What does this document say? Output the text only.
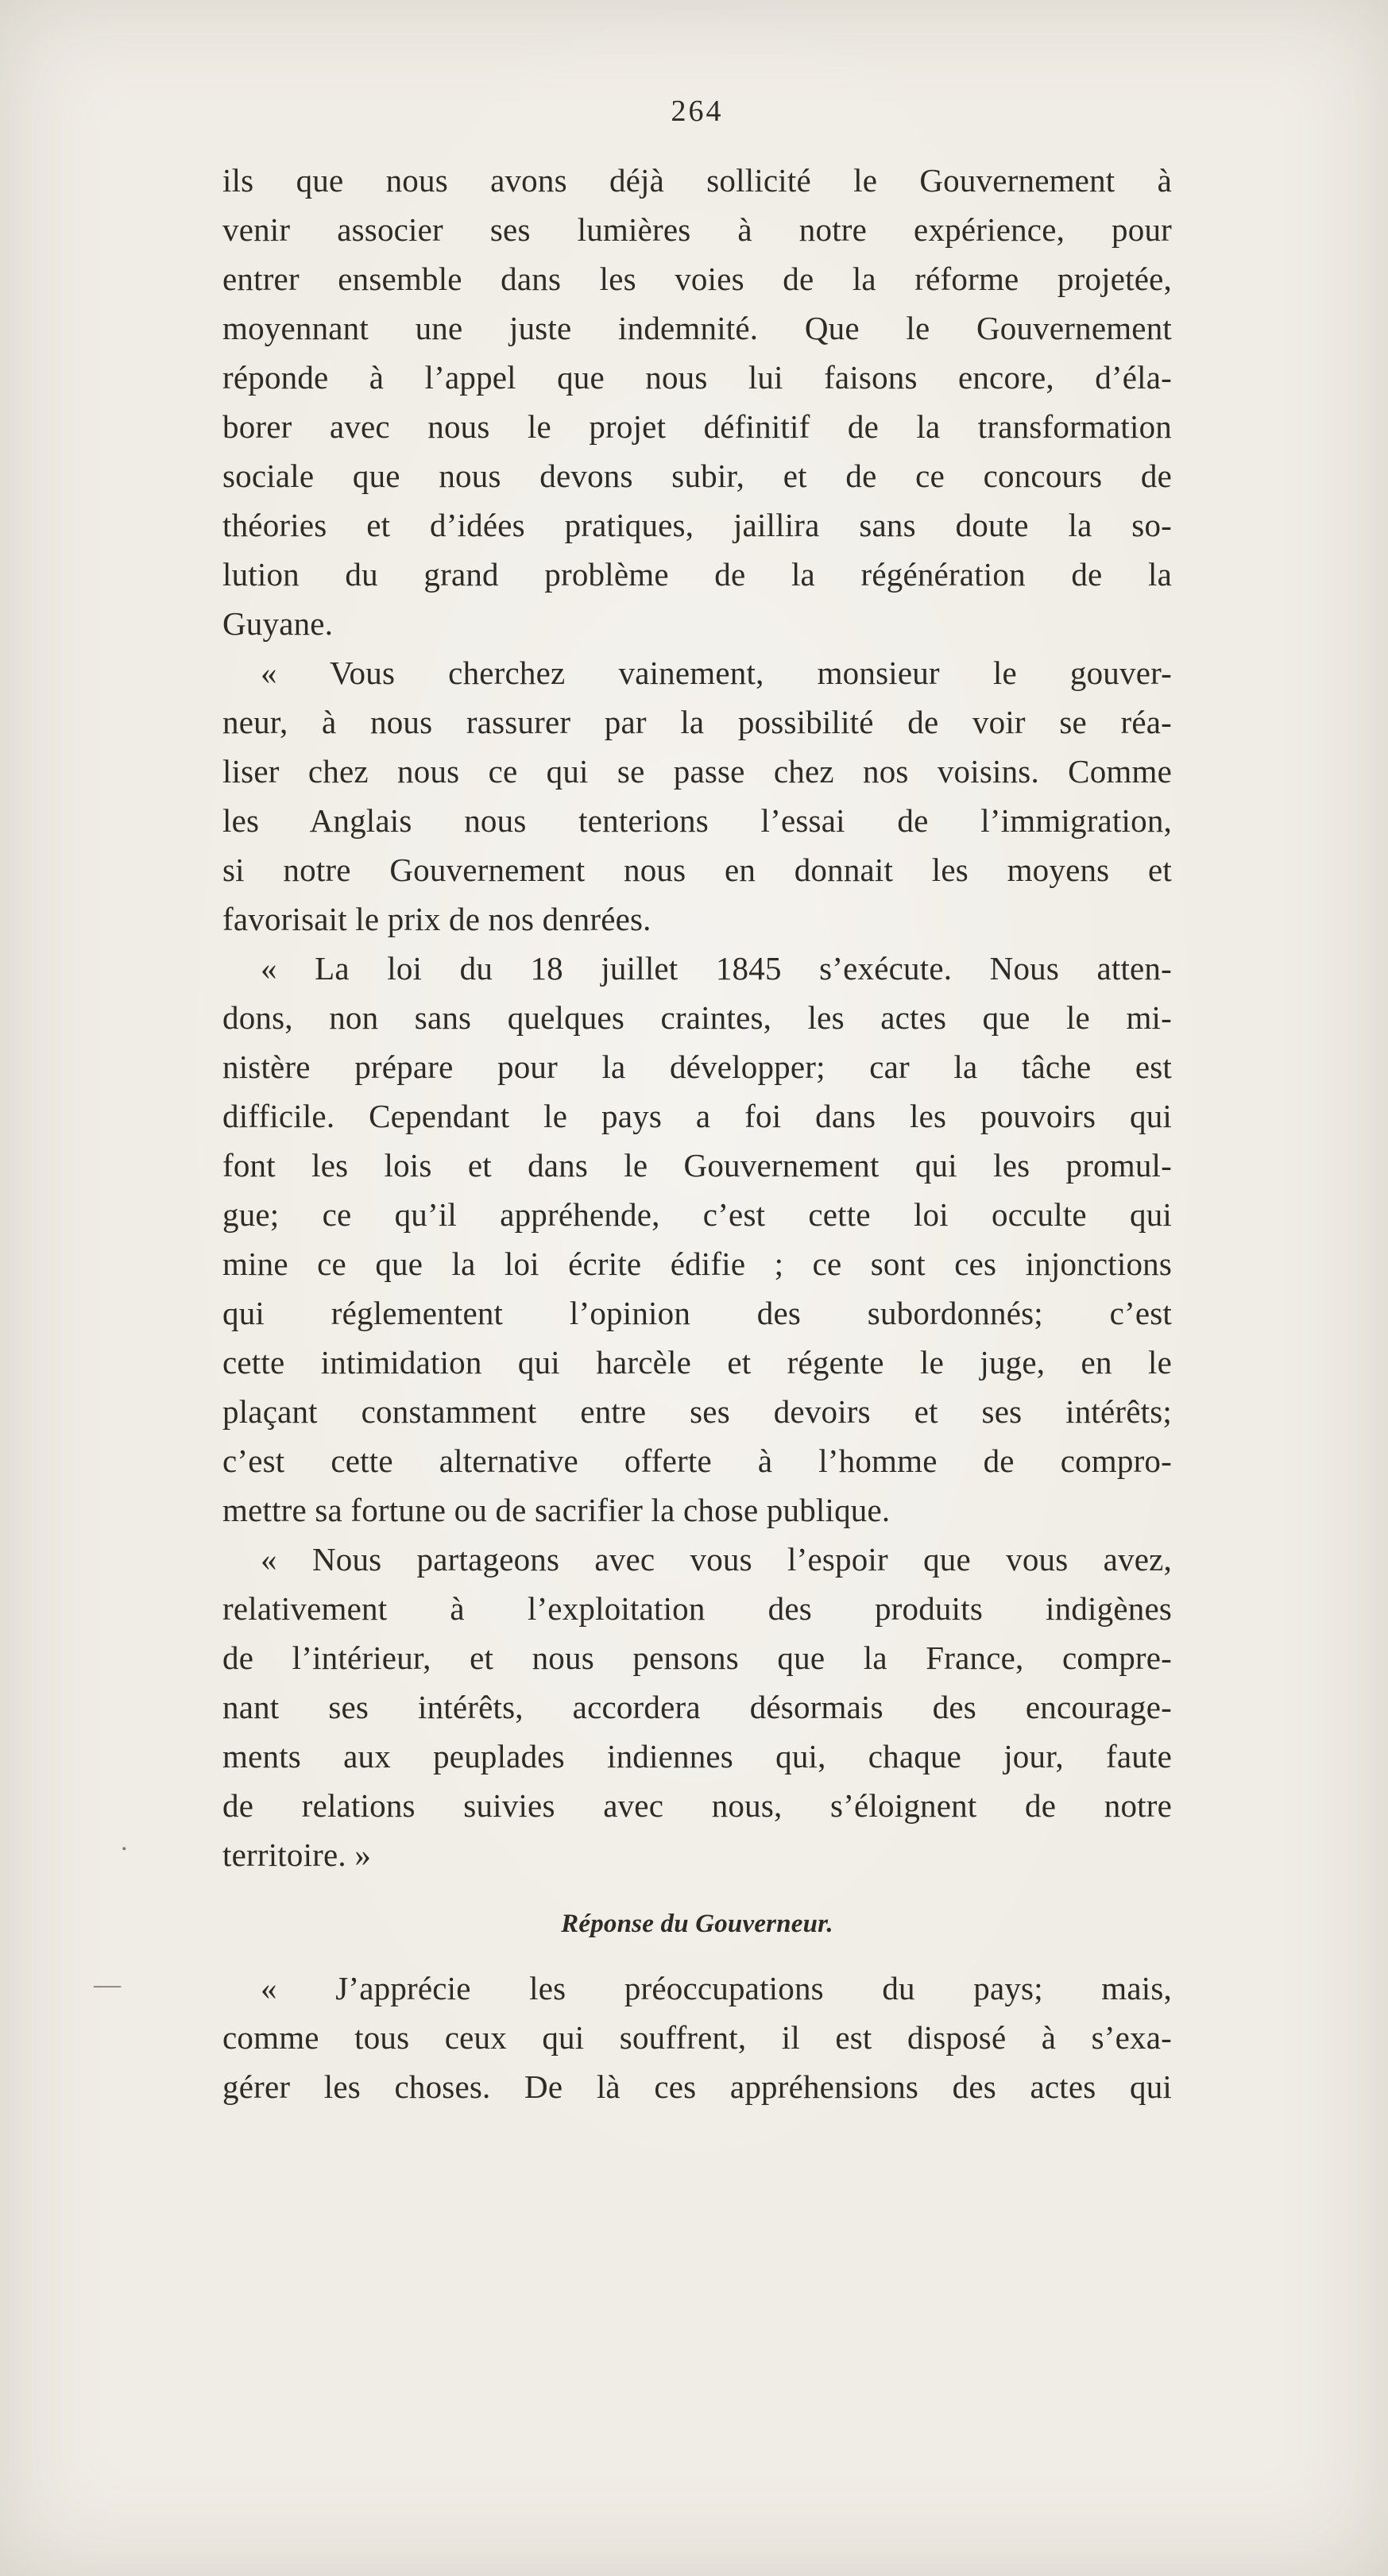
264
ils que nous avons déjà sollicité le Gouvernement à
venir associer ses lumières à notre expérience, pour
entrer ensemble dans les voies de la réforme projetée,
moyennant une juste indemnité. Que le Gouvernement
réponde à l’appel que nous lui faisons encore, d’éla-
borer avec nous le projet définitif de la transformation
sociale que nous devons subir, et de ce concours de
théories et d’idées pratiques, jaillira sans doute la so-
lution du grand problème de la régénération de la
Guyane.
« Vous cherchez vainement, monsieur le gouver-
neur, à nous rassurer par la possibilité de voir se réa-
liser chez nous ce qui se passe chez nos voisins. Comme
les Anglais nous tenterions l’essai de l’immigration,
si notre Gouvernement nous en donnait les moyens et
favorisait le prix de nos denrées.
« La loi du 18 juillet 1845 s’exécute. Nous atten-
dons, non sans quelques craintes, les actes que le mi-
nistère prépare pour la développer; car la tâche est
difficile. Cependant le pays a foi dans les pouvoirs qui
font les lois et dans le Gouvernement qui les promul-
gue; ce qu’il appréhende, c’est cette loi occulte qui
mine ce que la loi écrite édifie ; ce sont ces injonctions
qui réglementent l’opinion des subordonnés; c’est
cette intimidation qui harcèle et régente le juge, en le
plaçant constamment entre ses devoirs et ses intérêts;
c’est cette alternative offerte à l’homme de compro-
mettre sa fortune ou de sacrifier la chose publique.
« Nous partageons avec vous l’espoir que vous avez,
relativement à l’exploitation des produits indigènes
de l’intérieur, et nous pensons que la France, compre-
nant ses intérêts, accordera désormais des encourage-
ments aux peuplades indiennes qui, chaque jour, faute
de relations suivies avec nous, s’éloignent de notre
territoire. »
Réponse du Gouverneur.
« J’apprécie les préoccupations du pays; mais,
comme tous ceux qui souffrent, il est disposé à s’exa-
gérer les choses. De là ces appréhensions des actes qui
—
.
